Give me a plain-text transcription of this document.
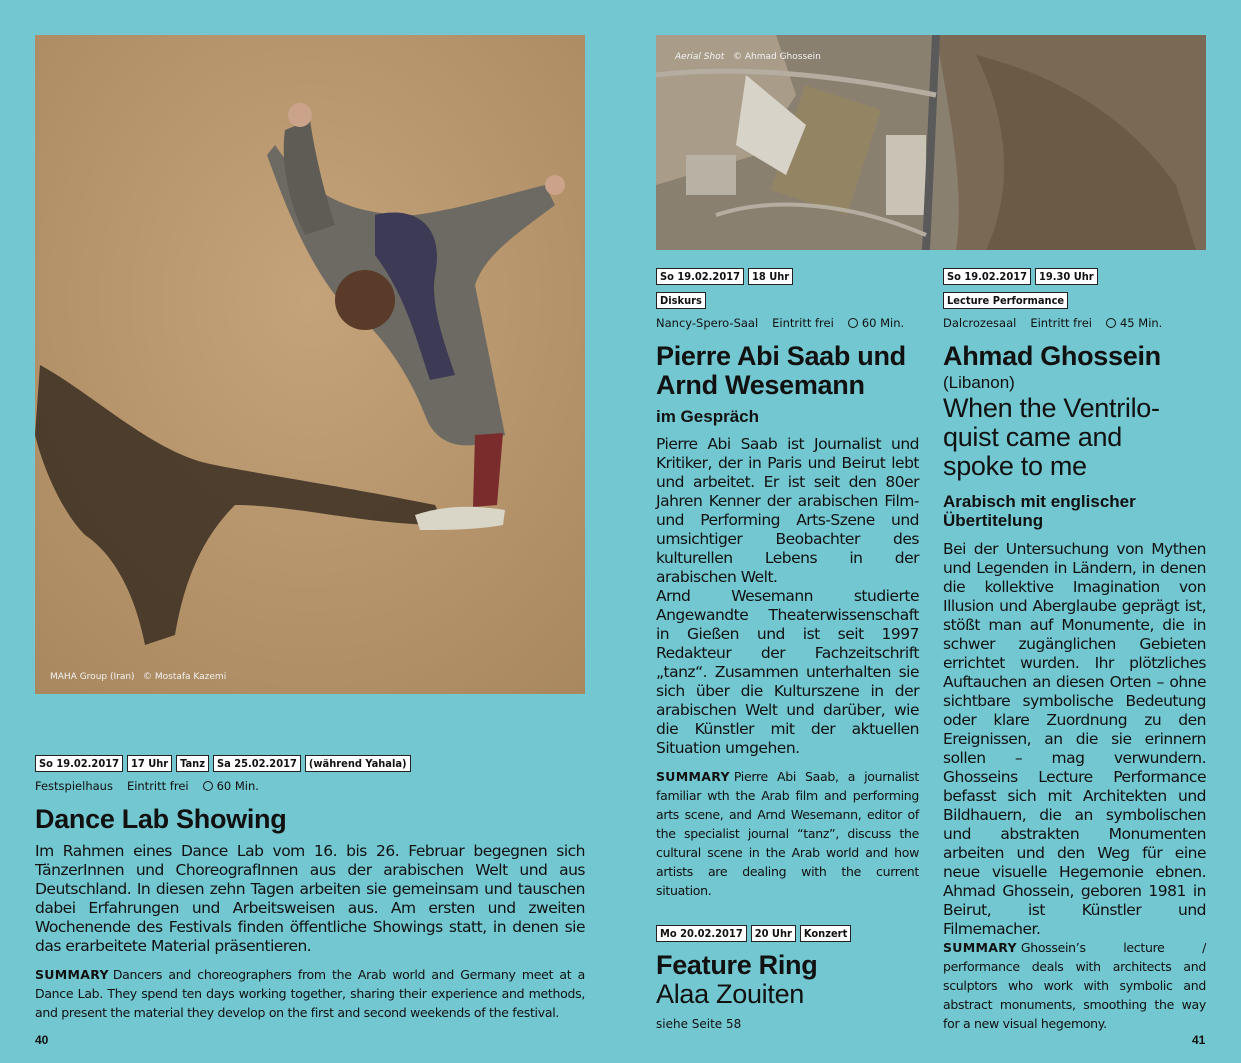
MAHA Group (Iran) © Mostafa Kazemi
So 19.02.2017	17 Uhr	Tanz	Sa 25.02.2017	(während Yahala)
Festspielhaus Eintritt frei	60 Min.
Dance Lab Showing
Im Rahmen eines Dance Lab vom 16. bis 26. Februar begegnen sich TänzerInnen und ChoreografInnen aus der arabischen Welt und aus Deutschland. In diesen zehn Tagen arbeiten sie gemeinsam und tauschen dabei Erfahrungen und Arbeitsweisen aus. Am ersten und zweiten Wochenende des Festivals finden öffentliche Showings statt, in denen sie das erarbeitete Material präsentieren.
SUMMARY Dancers and choreographers from the Arab world and Germany meet at a Dance Lab. They spend ten days working together, sharing their experience and methods, and present the material they develop on the first and second weekends of the festival.
40
Aerial Shot © Ahmad Ghossein
So 19.02.2017	18 Uhr
Diskurs
Nancy-Spero-Saal Eintritt frei	60 Min.
Pierre Abi Saab und
Arnd Wesemann
im Gespräch
Pierre Abi Saab ist Journalist und Kritiker, der in Paris und Beirut lebt und arbeitet. Er ist seit den 80er Jahren Kenner der arabischen Film- und Performing Arts-Szene und umsichtiger Beobachter des kulturellen Lebens in der arabischen Welt.
Arnd Wesemann studierte Angewandte Theaterwissenschaft in Gießen und ist seit 1997 Redakteur der Fachzeitschrift „tanz“. Zusammen unterhalten sie sich über die Kulturszene in der arabischen Welt und darüber, wie die Künstler mit der aktuellen Situation umgehen.
SUMMARY Pierre Abi Saab, a journalist familiar wth the Arab film and performing arts scene, and Arnd Wesemann, editor of the specialist journal “tanz”, discuss the cultural scene in the Arab world and how artists are dealing with the current situation.
Mo 20.02.2017	20 Uhr	Konzert
Feature Ring
Alaa Zouiten
siehe Seite 58
So 19.02.2017	19.30 Uhr
Lecture Performance
Dalcrozesaal Eintritt frei	45 Min.
Ahmad Ghossein
(Libanon)
When the Ventrilo-
quist came and
spoke to me
Arabisch mit englischer Übertitelung
Bei der Untersuchung von Mythen und Legenden in Ländern, in denen die kollektive Imagination von Illusion und Aberglaube geprägt ist, stößt man auf Monumente, die in schwer zugänglichen Gebieten errichtet wurden. Ihr plötzliches Auftauchen an diesen Orten – ohne sichtbare symbolische Bedeutung oder klare Zuordnung zu den Ereignissen, an die sie erinnern sollen – mag verwundern. Ghosseins Lecture Performance befasst sich mit Architekten und Bildhauern, die an symbolischen und abstrakten Monumenten arbeiten und den Weg für eine neue visuelle Hegemonie ebnen. Ahmad Ghossein, geboren 1981 in Beirut, ist Künstler und Filmemacher.
SUMMARY Ghossein’s lecture / performance deals with architects and sculptors who work with symbolic and abstract monuments, smoothing the way for a new visual hegemony.
41
